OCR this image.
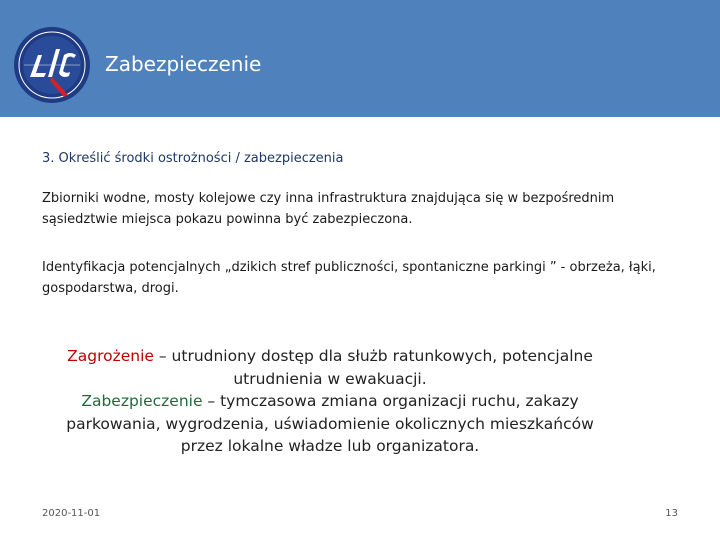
Zabezpieczenie
3. Określić środki ostrożności / zabezpieczenia
Zbiorniki wodne, mosty kolejowe czy inna infrastruktura znajdująca się w bezpośrednim sąsiedztwie miejsca pokazu powinna być zabezpieczona.
Identyfikacja potencjalnych „dzikich stref publiczności, spontaniczne parkingi ” - obrzeża, łąki, gospodarstwa, drogi.
Zagrożenie – utrudniony dostęp dla służb ratunkowych, potencjalne utrudnienia w ewakuacji.
Zabezpieczenie – tymczasowa zmiana organizacji ruchu, zakazy parkowania, wygrodzenia, uświadomienie okolicznych mieszkańców przez lokalne władze lub organizatora.
2020-11-01	13
